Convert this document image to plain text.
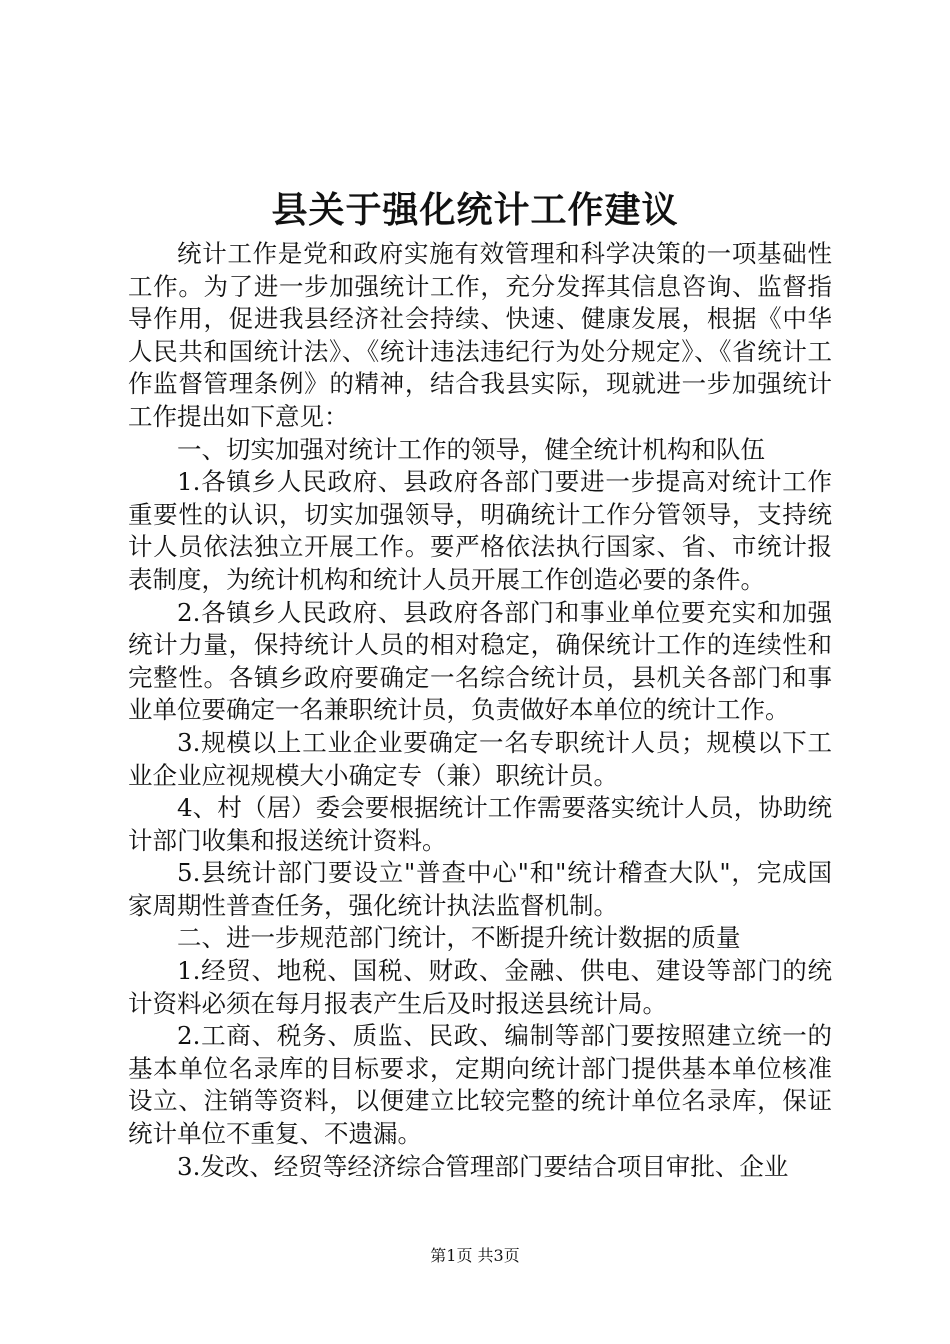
县关于强化统计工作建议

统计工作是党和政府实施有效管理和科学决策的一项基础性工作。为了进一步加强统计工作，充分发挥其信息咨询、监督指导作用，促进我县经济社会持续、快速、健康发展，根据《中华人民共和国统计法》、《统计违法违纪行为处分规定》、《省统计工作监督管理条例》的精神，结合我县实际，现就进一步加强统计工作提出如下意见：

一、切实加强对统计工作的领导，健全统计机构和队伍

1.各镇乡人民政府、县政府各部门要进一步提高对统计工作重要性的认识，切实加强领导，明确统计工作分管领导，支持统计人员依法独立开展工作。要严格依法执行国家、省、市统计报表制度，为统计机构和统计人员开展工作创造必要的条件。

2.各镇乡人民政府、县政府各部门和事业单位要充实和加强统计力量，保持统计人员的相对稳定，确保统计工作的连续性和完整性。各镇乡政府要确定一名综合统计员，县机关各部门和事业单位要确定一名兼职统计员，负责做好本单位的统计工作。

3.规模以上工业企业要确定一名专职统计人员；规模以下工业企业应视规模大小确定专（兼）职统计员。

4、村（居）委会要根据统计工作需要落实统计人员，协助统计部门收集和报送统计资料。

5.县统计部门要设立"普查中心"和"统计稽查大队"，完成国家周期性普查任务，强化统计执法监督机制。

二、进一步规范部门统计，不断提升统计数据的质量

1.经贸、地税、国税、财政、金融、供电、建设等部门的统计资料必须在每月报表产生后及时报送县统计局。

2.工商、税务、质监、民政、编制等部门要按照建立统一的基本单位名录库的目标要求，定期向统计部门提供基本单位核准设立、注销等资料，以便建立比较完整的统计单位名录库，保证统计单位不重复、不遗漏。

3.发改、经贸等经济综合管理部门要结合项目审批、企业

第1页 共3页
